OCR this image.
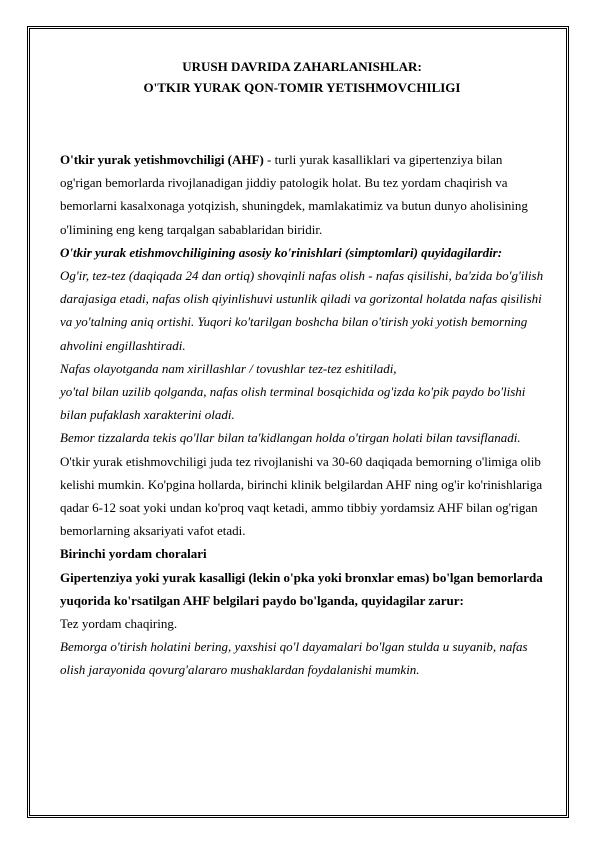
URUSH DAVRIDA ZAHARLANISHLAR:

O'TKIR YURAK QON-TOMIR YETISHMOVCHILIGI

O'tkir yurak yetishmovchiligi (AHF) - turli yurak kasalliklari va gipertenziya bilan og'rigan bemorlarda rivojlanadigan jiddiy patologik holat. Bu tez yordam chaqirish va bemorlarni kasalxonaga yotqizish, shuningdek, mamlakatimiz va butun dunyo aholisining o'limining eng keng tarqalgan sabablaridan biridir.

O'tkir yurak etishmovchiligining asosiy ko'rinishlari (simptomlari) quyidagilardir:

Og'ir, tez-tez (daqiqada 24 dan ortiq) shovqinli nafas olish - nafas qisilishi, ba'zida bo'g'ilish darajasiga etadi, nafas olish qiyinlishuvi ustunlik qiladi va gorizontal holatda nafas qisilishi va yo'talning aniq ortishi. Yuqori ko'tarilgan boshcha bilan o'tirish yoki yotish bemorning ahvolini engillashtiradi.

Nafas olayotganda nam xirillashlar / tovushlar tez-tez eshitiladi,

yo'tal bilan uzilib qolganda, nafas olish terminal bosqichida og'izda ko'pik paydo bo'lishi bilan pufaklash xarakterini oladi.

Bemor tizzalarda tekis qo'llar bilan ta'kidlangan holda o'tirgan holati bilan tavsiflanadi.

O'tkir yurak etishmovchiligi juda tez rivojlanishi va 30-60 daqiqada bemorning o'limiga olib kelishi mumkin. Ko'pgina hollarda, birinchi klinik belgilardan AHF ning og'ir ko'rinishlariga qadar 6-12 soat yoki undan ko'proq vaqt ketadi, ammo tibbiy yordamsiz AHF bilan og'rigan bemorlarning aksariyati vafot etadi.

Birinchi yordam choralari

Gipertenziya yoki yurak kasalligi (lekin o'pka yoki bronxlar emas) bo'lgan bemorlarda yuqorida ko'rsatilgan AHF belgilari paydo bo'lganda, quyidagilar zarur:

Tez yordam chaqiring.

Bemorga o'tirish holatini bering, yaxshisi qo'l dayamalari bo'lgan stulda u suyanib, nafas olish jarayonida qovurg'alararo mushaklardan foydalanishi mumkin.
